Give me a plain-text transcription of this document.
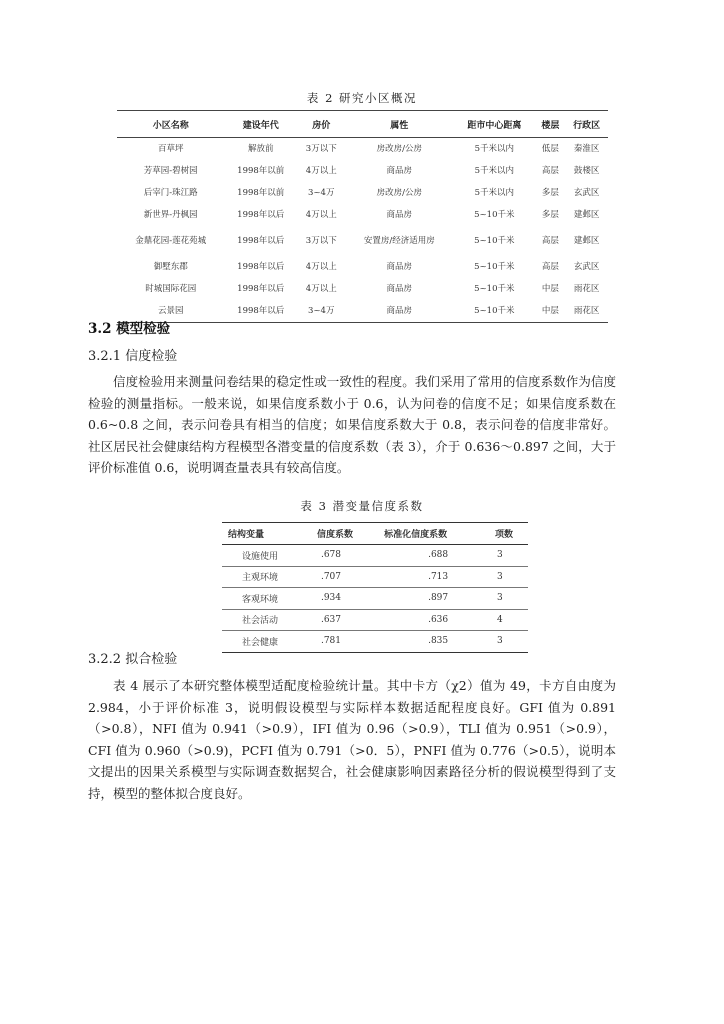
表 2 研究小区概况
小区名称	建设年代	房价	属性	距市中心距离	楼层	行政区
百草坪	解放前	3万以下	房改房/公房	5千米以内	低层	秦淮区
芳草园-碧树园	1998年以前	4万以上	商品房	5千米以内	高层	鼓楼区
后宰门-珠江路	1998年以前	3~4万	房改房/公房	5千米以内	多层	玄武区
新世界-丹枫园	1998年以后	4万以上	商品房	5~10千米	多层	建邺区
金鼎花园-莲花苑城	1998年以后	3万以下	安置房/经济适用房	5~10千米	高层	建邺区
御墅东郡	1998年以后	4万以上	商品房	5~10千米	高层	玄武区
时城国际花园	1998年以后	4万以上	商品房	5~10千米	中层	雨花区
云景园	1998年以后	3~4万	商品房	5~10千米	中层	雨花区
3.2 模型检验
3.2.1 信度检验

信度检验用来测量问卷结果的稳定性或一致性的程度。我们采用了常用的信度系数作为信度检验的测量指标。一般来说，如果信度系数小于 0.6，认为问卷的信度不足；如果信度系数在 0.6~0.8 之间，表示问卷具有相当的信度；如果信度系数大于 0.8，表示问卷的信度非常好。社区居民社会健康结构方程模型各潜变量的信度系数（表 3），介于 0.636～0.897 之间，大于评价标准值 0.6，说明调查量表具有较高信度。

表 3 潜变量信度系数
结构变量	信度系数	标准化信度系数	项数
设施使用	.678	.688	3
主观环境	.707	.713	3
客观环境	.934	.897	3
社会活动	.637	.636	4
社会健康	.781	.835	3
3.2.2 拟合检验

表 4 展示了本研究整体模型适配度检验统计量。其中卡方（χ2）值为 49，卡方自由度为 2.984，小于评价标准 3，说明假设模型与实际样本数据适配程度良好。GFI 值为 0.891（>0.8），NFI 值为 0.941（>0.9），IFI 值为 0.96（>0.9），TLI 值为 0.951（>0.9），CFI 值为 0.960（>0.9)，PCFI 值为 0.791（>0．5），PNFI 值为 0.776（>0.5），说明本文提出的因果关系模型与实际调查数据契合，社会健康影响因素路径分析的假说模型得到了支持，模型的整体拟合度良好。
